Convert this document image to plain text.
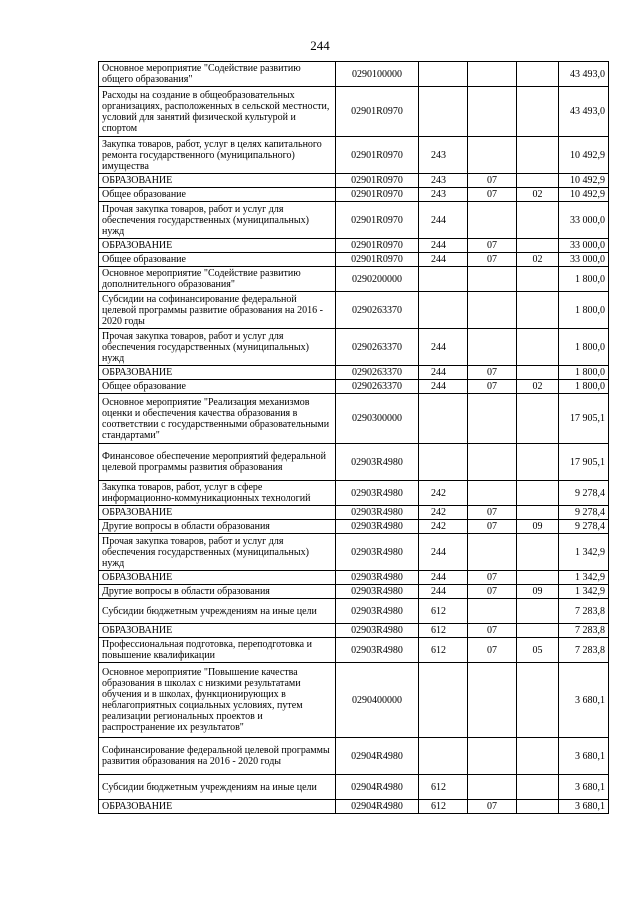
244
Основное мероприятие "Содействие развитию общего образования"	0290100000				43 493,0
Расходы на создание в общеобразовательных организациях, расположенных в сельской местности, условий для занятий физической культурой и спортом	02901R0970				43 493,0
Закупка товаров, работ, услуг в целях капитального ремонта государственного (муниципального) имущества	02901R0970	243			10 492,9
ОБРАЗОВАНИЕ	02901R0970	243	07		10 492,9
Общее образование	02901R0970	243	07	02	10 492,9
Прочая закупка товаров, работ и услуг для обеспечения государственных (муниципальных) нужд	02901R0970	244			33 000,0
ОБРАЗОВАНИЕ	02901R0970	244	07		33 000,0
Общее образование	02901R0970	244	07	02	33 000,0
Основное мероприятие "Содействие развитию дополнительного образования"	0290200000				1 800,0
Субсидии на софинансирование федеральной целевой программы развитие образования на 2016 - 2020 годы	0290263370				1 800,0
Прочая закупка товаров, работ и услуг для обеспечения государственных (муниципальных) нужд	0290263370	244			1 800,0
ОБРАЗОВАНИЕ	0290263370	244	07		1 800,0
Общее образование	0290263370	244	07	02	1 800,0
Основное мероприятие "Реализация механизмов оценки и обеспечения качества образования в соответствии с государственными образовательными стандартами"	0290300000				17 905,1
Финансовое обеспечение мероприятий федеральной целевой программы развития образования	02903R4980				17 905,1
Закупка товаров, работ, услуг в сфере информационно-коммуникационных технологий	02903R4980	242			9 278,4
ОБРАЗОВАНИЕ	02903R4980	242	07		9 278,4
Другие вопросы в области образования	02903R4980	242	07	09	9 278,4
Прочая закупка товаров, работ и услуг для обеспечения государственных (муниципальных) нужд	02903R4980	244			1 342,9
ОБРАЗОВАНИЕ	02903R4980	244	07		1 342,9
Другие вопросы в области образования	02903R4980	244	07	09	1 342,9
Субсидии бюджетным учреждениям на иные цели	02903R4980	612			7 283,8
ОБРАЗОВАНИЕ	02903R4980	612	07		7 283,8
Профессиональная подготовка, переподготовка и повышение квалификации	02903R4980	612	07	05	7 283,8
Основное мероприятие "Повышение качества образования в школах с низкими результатами обучения и в школах, функционирующих в неблагоприятных социальных условиях, путем реализации региональных проектов и распространение их результатов"	0290400000				3 680,1
Софинансирование федеральной целевой программы развития образования на 2016 - 2020 годы	02904R4980				3 680,1
Субсидии бюджетным учреждениям на иные цели	02904R4980	612			3 680,1
ОБРАЗОВАНИЕ	02904R4980	612	07		3 680,1
